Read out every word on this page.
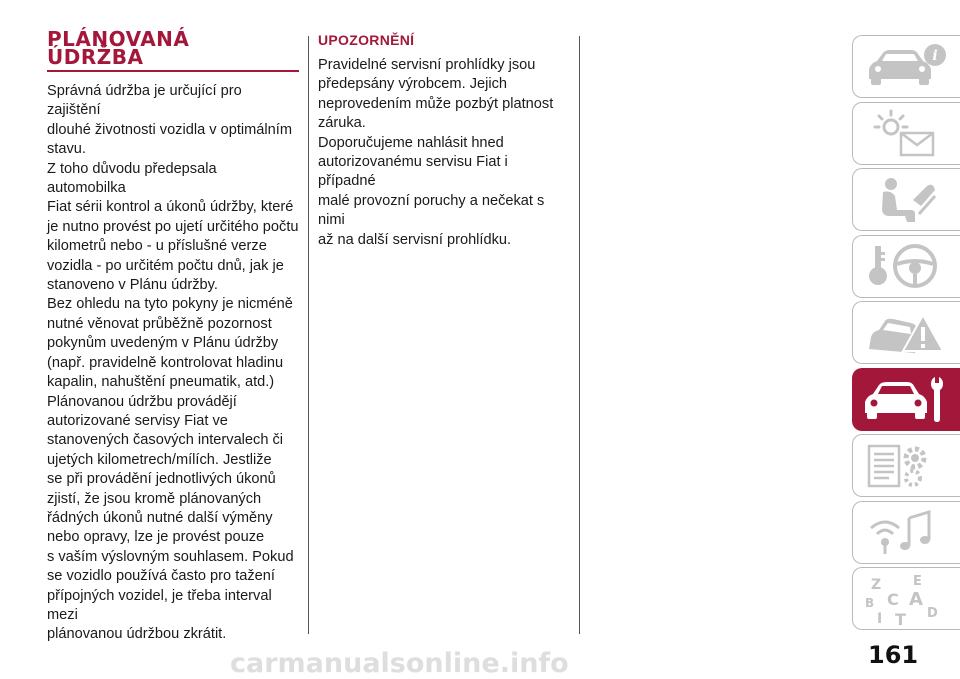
PLÁNOVANÁ
ÚDRŽBA
Správná údržba je určující pro zajištění
dlouhé životnosti vozidla v optimálním
stavu.
Z toho důvodu předepsala automobilka
Fiat sérii kontrol a úkonů údržby, které
je nutno provést po ujetí určitého počtu
kilometrů nebo - u příslušné verze
vozidla - po určitém počtu dnů, jak je
stanoveno v Plánu údržby.
Bez ohledu na tyto pokyny je nicméně
nutné věnovat průběžně pozornost
pokynům uvedeným v Plánu údržby
(např. pravidelně kontrolovat hladinu
kapalin, nahuštění pneumatik, atd.)
Plánovanou údržbu provádějí
autorizované servisy Fiat ve
stanovených časových intervalech či
ujetých kilometrech/mílích. Jestliže
se při provádění jednotlivých úkonů
zjistí, že jsou kromě plánovaných
řádných úkonů nutné další výměny
nebo opravy, lze je provést pouze
s vaším výslovným souhlasem. Pokud
se vozidlo používá často pro tažení
přípojných vozidel, je třeba interval mezi
plánovanou údržbou zkrátit.
UPOZORNĚNÍ
Pravidelné servisní prohlídky jsou
předepsány výrobcem. Jejich
neprovedením může pozbýt platnost
záruka.
Doporučujeme nahlásit hned
autorizovanému servisu Fiat i případné
malé provozní poruchy a nečekat s nimi
až na další servisní prohlídku.
i
Z E
B A
C
D
I T
carmanualsonline.info	161
